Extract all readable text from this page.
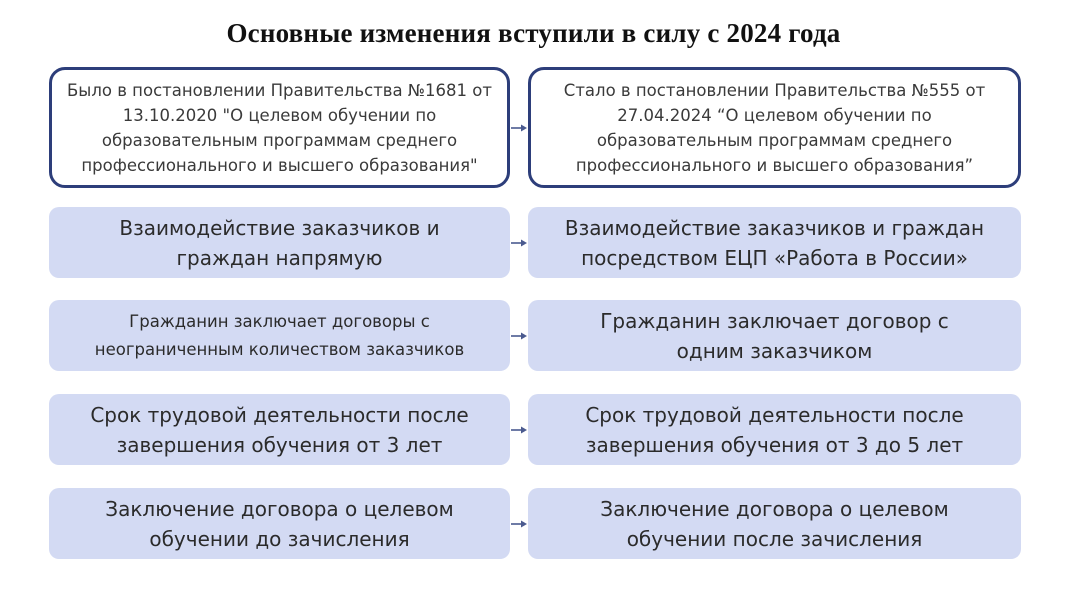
Основные изменения вступили в силу с 2024 года
Было в постановлении Правительства №1681 от 13.10.2020 "О целевом обучении по образовательным программам среднего профессионального и высшего образования"
Стало в постановлении Правительства №555 от 27.04.2024 “О целевом обучении по образовательным программам среднего профессионального и высшего образования”
Взаимодействие заказчиков и граждан напрямую
Взаимодействие заказчиков и граждан посредством ЕЦП «Работа в России»
Гражданин заключает договоры с неограниченным количеством заказчиков
Гражданин заключает договор с одним заказчиком
Срок трудовой деятельности после завершения обучения от 3 лет
Срок трудовой деятельности после завершения обучения от 3 до 5 лет
Заключение договора о целевом обучении до зачисления
Заключение договора о целевом обучении после зачисления
